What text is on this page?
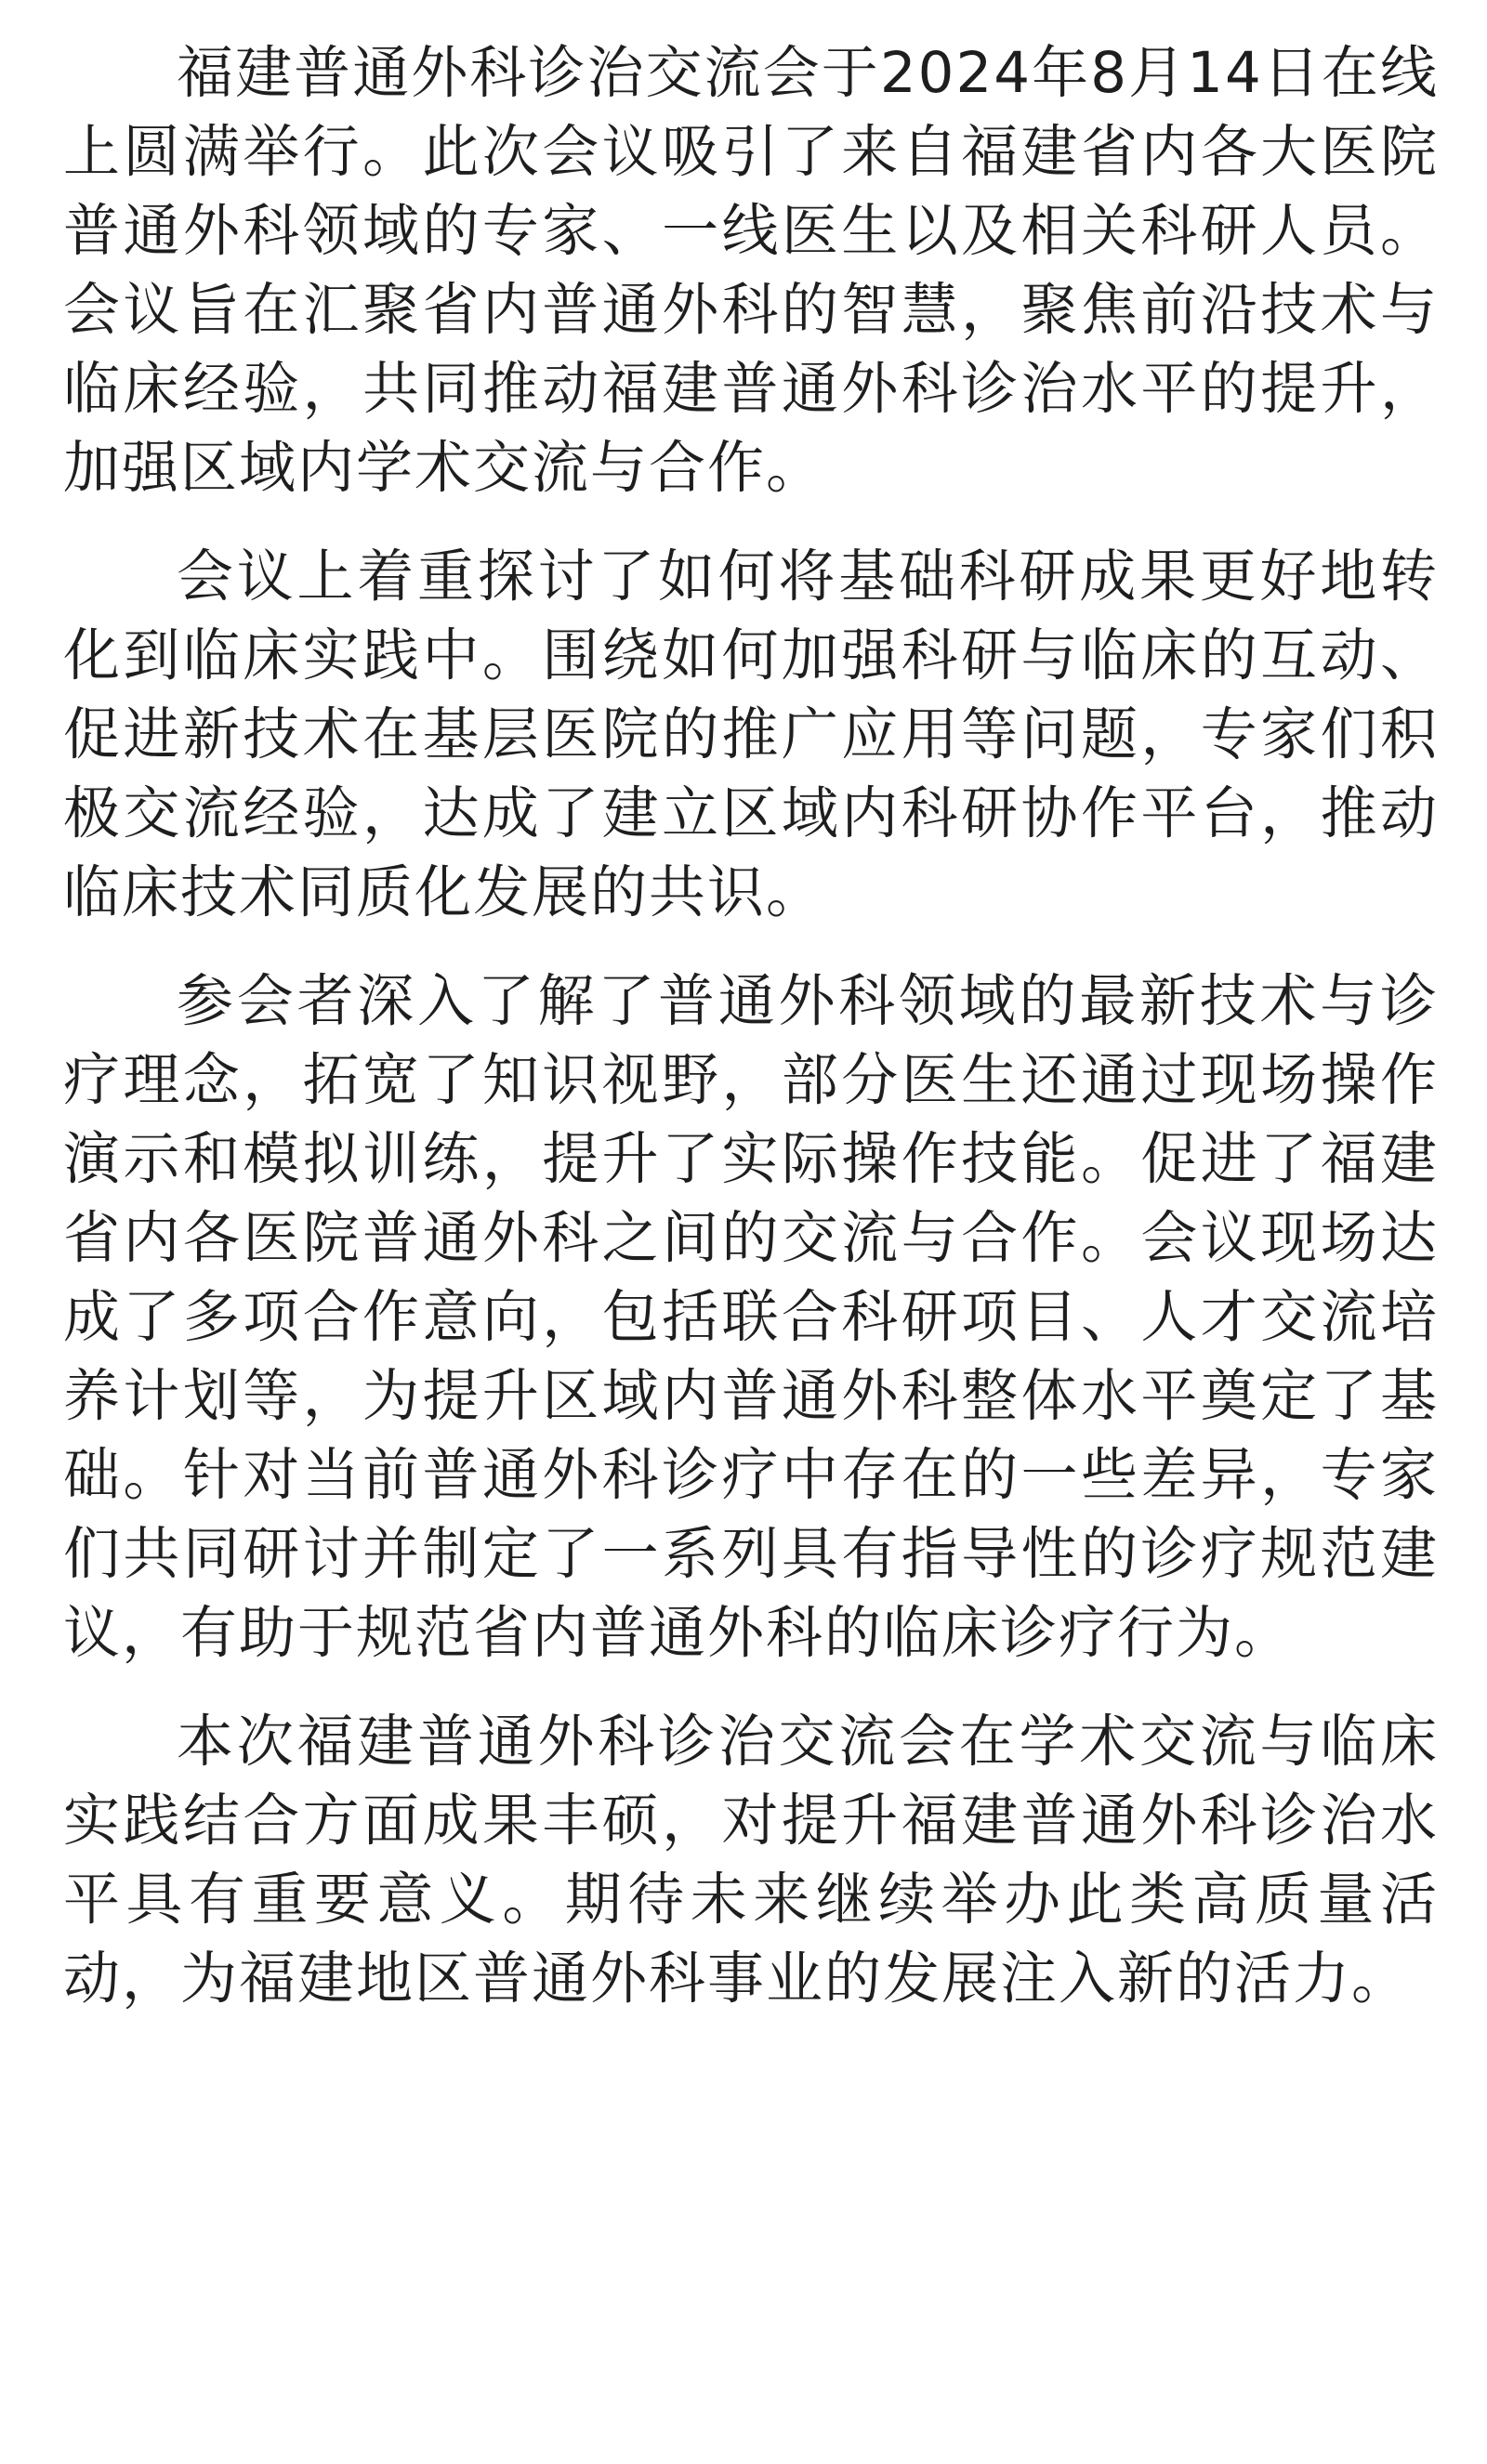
福建普通外科诊治交流会于2024年8月14日在线上圆满举行。此次会议吸引了来自福建省内各大医院普通外科领域的专家、一线医生以及相关科研人员。会议旨在汇聚省内普通外科的智慧，聚焦前沿技术与临床经验，共同推动福建普通外科诊治水平的提升，加强区域内学术交流与合作。

会议上着重探讨了如何将基础科研成果更好地转化到临床实践中。围绕如何加强科研与临床的互动、促进新技术在基层医院的推广应用等问题，专家们积极交流经验，达成了建立区域内科研协作平台，推动临床技术同质化发展的共识。

参会者深入了解了普通外科领域的最新技术与诊疗理念，拓宽了知识视野，部分医生还通过现场操作演示和模拟训练，提升了实际操作技能。促进了福建省内各医院普通外科之间的交流与合作。会议现场达成了多项合作意向，包括联合科研项目、人才交流培养计划等，为提升区域内普通外科整体水平奠定了基础。针对当前普通外科诊疗中存在的一些差异，专家们共同研讨并制定了一系列具有指导性的诊疗规范建议，有助于规范省内普通外科的临床诊疗行为。

本次福建普通外科诊治交流会在学术交流与临床实践结合方面成果丰硕，对提升福建普通外科诊治水平具有重要意义。期待未来继续举办此类高质量活动，为福建地区普通外科事业的发展注入新的活力。
